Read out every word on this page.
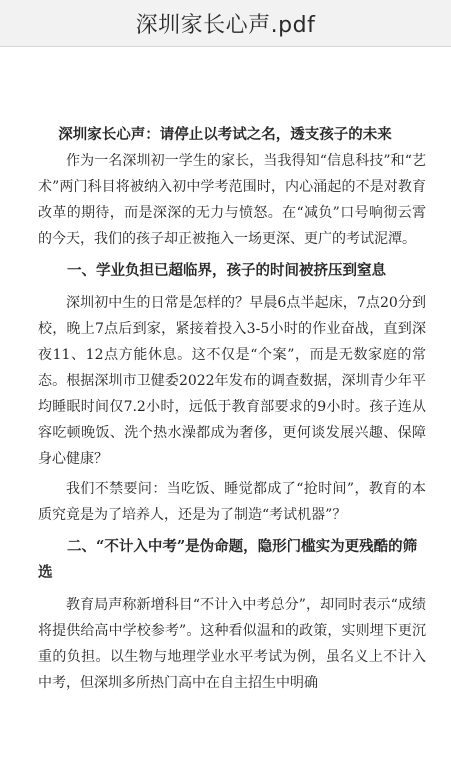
深圳家长心声.pdf
深圳家长心声：请停止以考试之名，透支孩子的未来

作为一名深圳初一学生的家长，当我得知“信息科技”和“艺术”两门科目将被纳入初中学考范围时，内心涌起的不是对教育改革的期待，而是深深的无力与愤怒。在“减负”口号响彻云霄的今天，我们的孩子却正被拖入一场更深、更广的考试泥潭。

一、学业负担已超临界，孩子的时间被挤压到窒息

深圳初中生的日常是怎样的？早晨6点半起床，7点20分到校，晚上7点后到家，紧接着投入3-5小时的作业奋战，直到深夜11、12点方能休息。这不仅是“个案”，而是无数家庭的常态。根据深圳市卫健委2022年发布的调查数据，深圳青少年平均睡眠时间仅7.2小时，远低于教育部要求的9小时。孩子连从容吃顿晚饭、洗个热水澡都成为奢侈，更何谈发展兴趣、保障身心健康？

我们不禁要问：当吃饭、睡觉都成了“抢时间”，教育的本质究竟是为了培养人，还是为了制造“考试机器”？

二、“不计入中考”是伪命题，隐形门槛实为更残酷的筛选

教育局声称新增科目“不计入中考总分”，却同时表示“成绩将提供给高中学校参考”。这种看似温和的政策，实则埋下更沉重的负担。以生物与地理学业水平考试为例，虽名义上不计入中考，但深圳多所热门高中在自主招生中明确
